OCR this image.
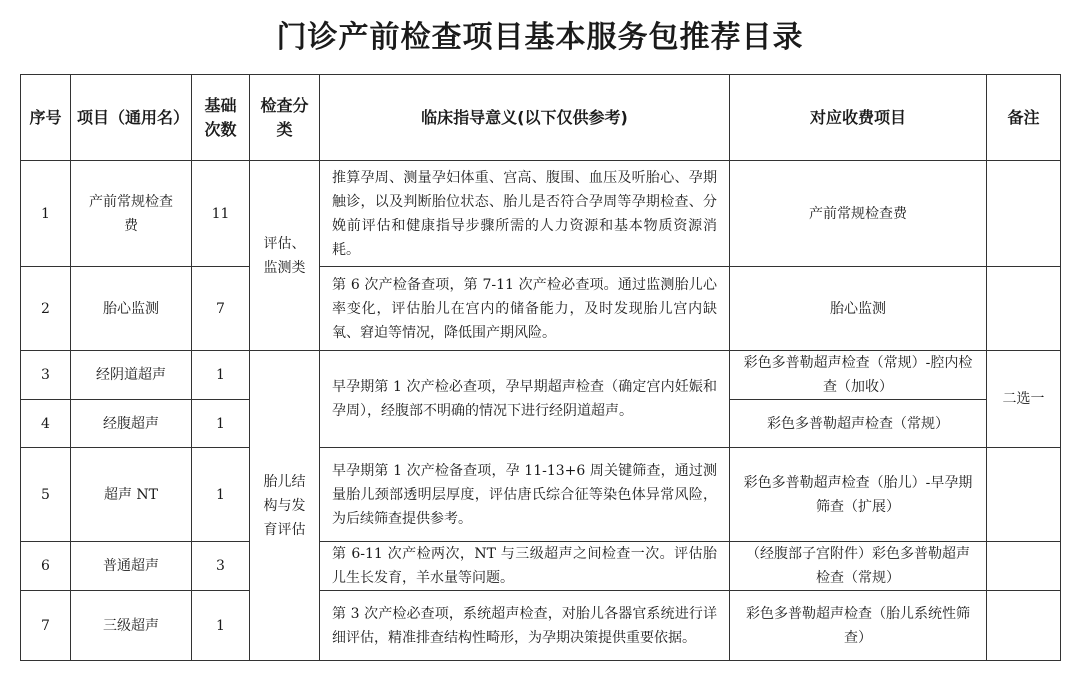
门诊产前检查项目基本服务包推荐目录
序号	项目（通用名）	基础次数	检查分类	临床指导意义(以下仅供参考)	对应收费项目	备注
1	产前常规检查费	11	评估、监测类	推算孕周、测量孕妇体重、宫高、腹围、血压及听胎心、孕期触诊，以及判断胎位状态、胎儿是否符合孕周等孕期检查、分娩前评估和健康指导步骤所需的人力资源和基本物质资源消耗。	产前常规检查费	
2	胎心监测	7		第 6 次产检备查项，第 7-11 次产检必查项。通过监测胎儿心率变化，评估胎儿在宫内的储备能力，及时发现胎儿宫内缺氧、窘迫等情况，降低围产期风险。	胎心监测	
3	经阴道超声	1	胎儿结构与发育评估	早孕期第 1 次产检必查项，孕早期超声检查（确定宫内妊娠和孕周），经腹部不明确的情况下进行经阴道超声。	彩色多普勒超声检查（常规）-腔内检查（加收）	二选一
4	经腹超声	1			彩色多普勒超声检查（常规）	
5	超声 NT	1		早孕期第 1 次产检备查项，孕 11-13+6 周关键筛查，通过测量胎儿颈部透明层厚度，评估唐氏综合征等染色体异常风险，为后续筛查提供参考。	彩色多普勒超声检查（胎儿）-早孕期筛查（扩展）	
6	普通超声	3		第 6-11 次产检两次，NT 与三级超声之间检查一次。评估胎儿生长发育，羊水量等问题。	（经腹部子宫附件）彩色多普勒超声检查（常规）	
7	三级超声	1		第 3 次产检必查项，系统超声检查，对胎儿各器官系统进行详细评估，精准排查结构性畸形，为孕期决策提供重要依据。	彩色多普勒超声检查（胎儿系统性筛查）	
